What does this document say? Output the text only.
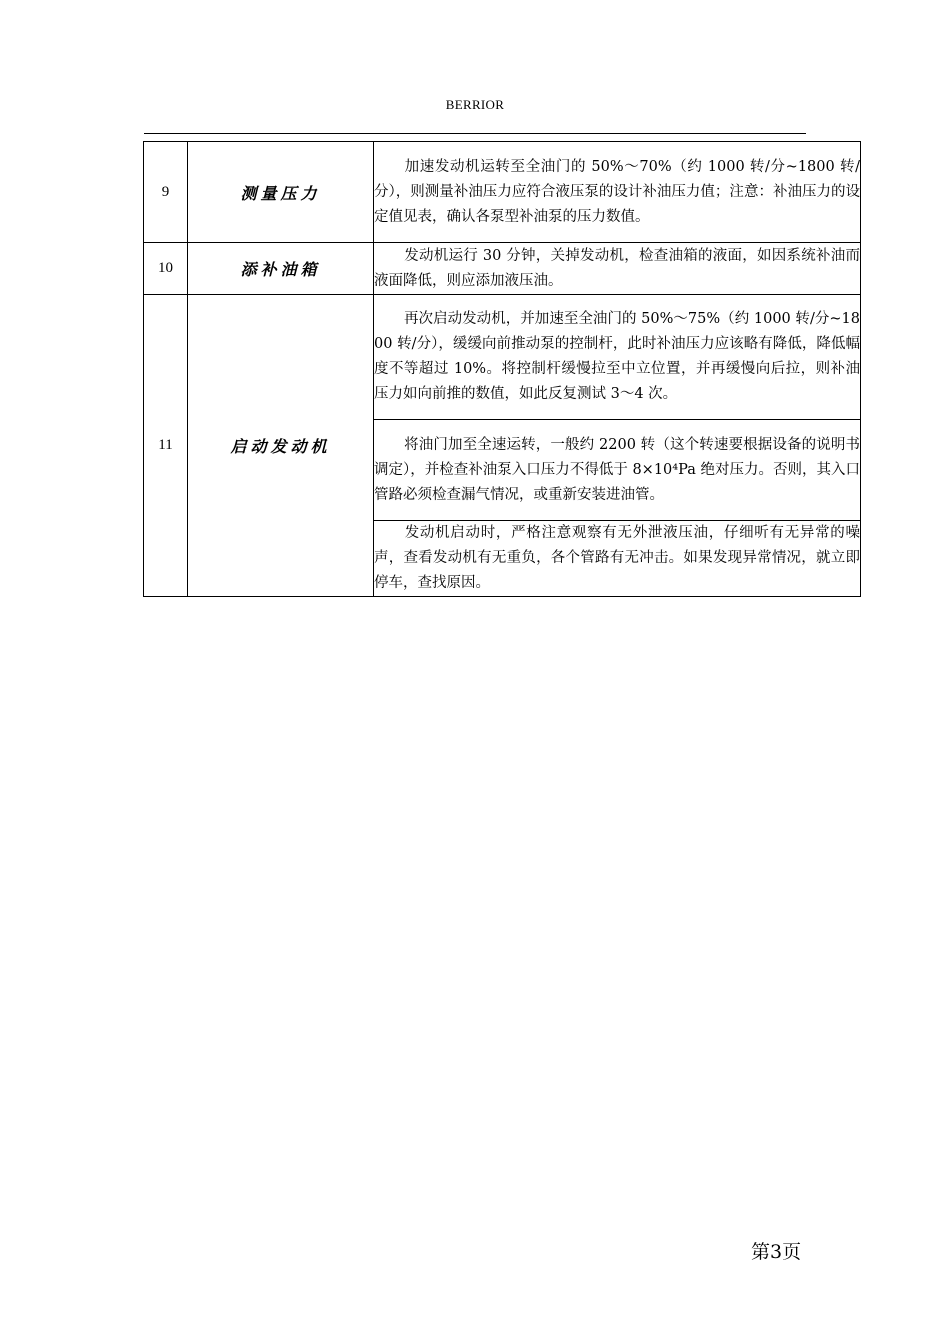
BERRIOR
9	测量压力	加速发动机运转至全油门的 50%～70%（约 1000 转/分~1800 转/分），则测量补油压力应符合液压泵的设计补油压力值；注意：补油压力的设定值见表，确认各泵型补油泵的压力数值。
10	添补油箱	发动机运行 30 分钟，关掉发动机，检查油箱的液面，如因系统补油而液面降低，则应添加液压油。
11	启动发动机	再次启动发动机，并加速至全油门的 50%～75%（约 1000 转/分~1800 转/分），缓缓向前推动泵的控制杆，此时补油压力应该略有降低，降低幅度不等超过 10%。将控制杆缓慢拉至中立位置，并再缓慢向后拉，则补油压力如向前推的数值，如此反复测试 3～4 次。
		将油门加至全速运转，一般约 2200 转（这个转速要根据设备的说明书调定），并检查补油泵入口压力不得低于 8×10⁴Pa 绝对压力。否则，其入口管路必须检查漏气情况，或重新安装进油管。
		发动机启动时，严格注意观察有无外泄液压油，仔细听有无异常的噪声，查看发动机有无重负，各个管路有无冲击。如果发现异常情况，就立即停车，查找原因。
第3页
